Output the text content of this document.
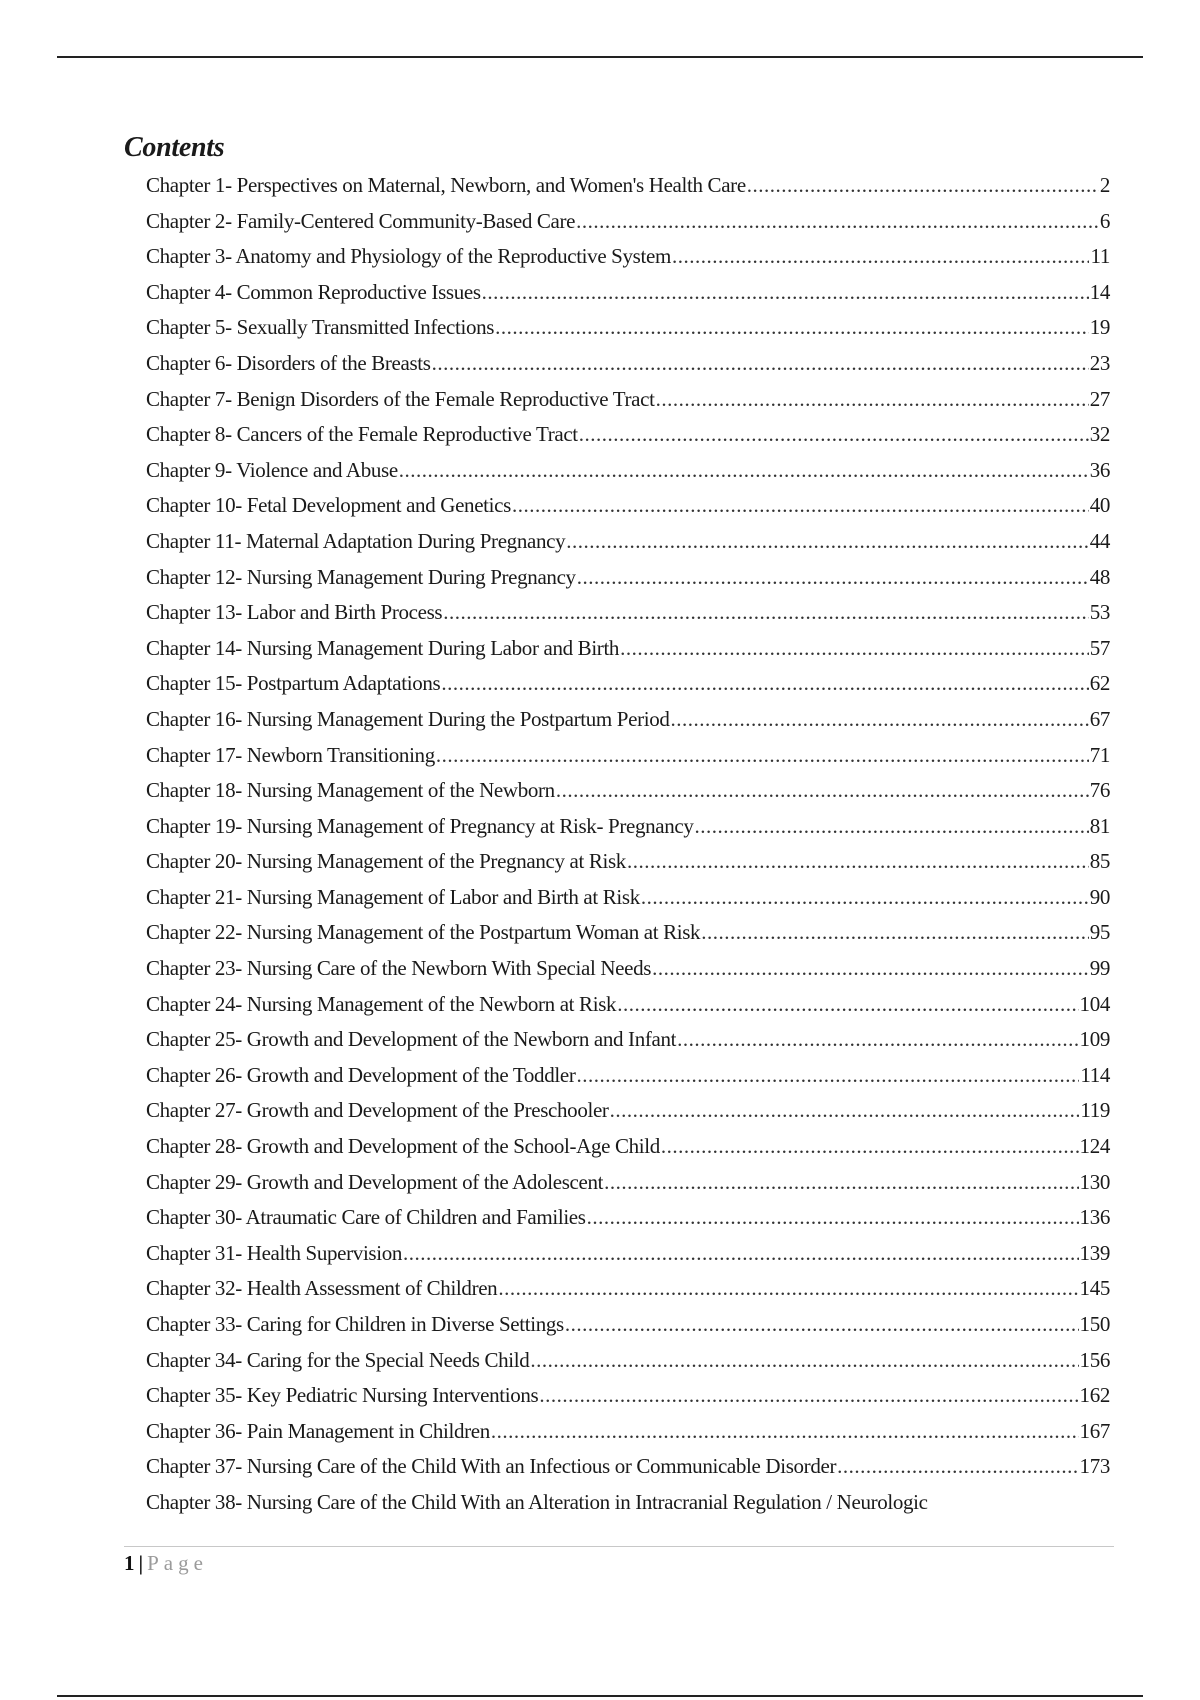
Contents
Chapter 1- Perspectives on Maternal, Newborn, and Women's Health Care .....	2
Chapter 2- Family-Centered Community-Based Care .....	6
Chapter 3- Anatomy and Physiology of the Reproductive System .....	11
Chapter 4- Common Reproductive Issues .....	14
Chapter 5- Sexually Transmitted Infections .....	19
Chapter 6- Disorders of the Breasts .....	23
Chapter 7- Benign Disorders of the Female Reproductive Tract .....	27
Chapter 8- Cancers of the Female Reproductive Tract .....	32
Chapter 9- Violence and Abuse .....	36
Chapter 10- Fetal Development and Genetics .....	40
Chapter 11- Maternal Adaptation During Pregnancy .....	44
Chapter 12- Nursing Management During Pregnancy .....	48
Chapter 13- Labor and Birth Process .....	53
Chapter 14- Nursing Management During Labor and Birth .....	57
Chapter 15- Postpartum Adaptations .....	62
Chapter 16- Nursing Management During the Postpartum Period .....	67
Chapter 17- Newborn Transitioning .....	71
Chapter 18- Nursing Management of the Newborn .....	76
Chapter 19- Nursing Management of Pregnancy at Risk- Pregnancy .....	81
Chapter 20- Nursing Management of the Pregnancy at Risk .....	85
Chapter 21- Nursing Management of Labor and Birth at Risk .....	90
Chapter 22- Nursing Management of the Postpartum Woman at Risk .....	95
Chapter 23- Nursing Care of the Newborn With Special Needs .....	99
Chapter 24- Nursing Management of the Newborn at Risk .....	104
Chapter 25- Growth and Development of the Newborn and Infant .....	109
Chapter 26- Growth and Development of the Toddler .....	114
Chapter 27- Growth and Development of the Preschooler .....	119
Chapter 28- Growth and Development of the School-Age Child .....	124
Chapter 29- Growth and Development of the Adolescent .....	130
Chapter 30- Atraumatic Care of Children and Families .....	136
Chapter 31- Health Supervision .....	139
Chapter 32- Health Assessment of Children .....	145
Chapter 33- Caring for Children in Diverse Settings .....	150
Chapter 34- Caring for the Special Needs Child .....	156
Chapter 35- Key Pediatric Nursing Interventions .....	162
Chapter 36- Pain Management in Children .....	167
Chapter 37- Nursing Care of the Child With an Infectious or Communicable Disorder .....	173
Chapter 38- Nursing Care of the Child With an Alteration in Intracranial Regulation / Neurologic
1 | Page
